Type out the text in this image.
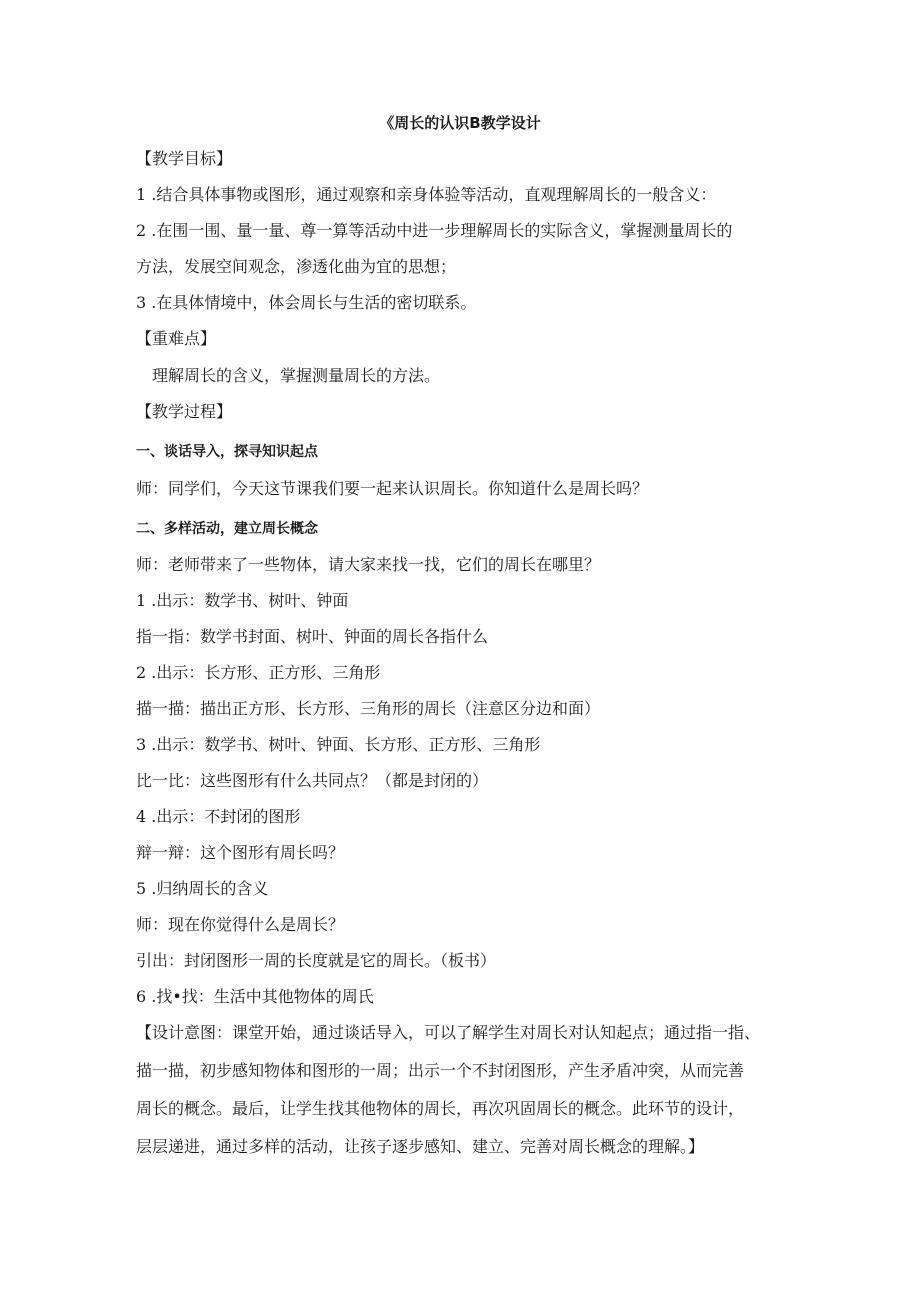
《周长的认识B教学设计
【教学目标】
1 .结合具体事物或图形，通过观察和亲身体验等活动，直观理解周长的一般含义：
2 .在围一围、量一量、尊一算等活动中进一步理解周长的实际含义，掌握测量周长的
方法，发展空间观念，渗透化曲为宜的思想；
3 .在具体情境中，体会周长与生活的密切联系。
【重难点】
理解周长的含义，掌握测量周长的方法。
【教学过程】
一、谈话导入，探寻知识起点
师：同学们，今天这节课我们要一起来认识周长。你知道什么是周长吗？
二、多样活动，建立周长概念
师：老师带来了一些物体，请大家来找一找，它们的周长在哪里？
1 .出示：数学书、树叶、钟面
指一指：数学书封面、树叶、钟面的周长各指什么
2 .出示：长方形、正方形、三角形
描一描：描出正方形、长方形、三角形的周长（注意区分边和面）
3 .出示：数学书、树叶、钟面、长方形、正方形、三角形
比一比：这些图形有什么共同点？（都是封闭的）
4 .出示：不封闭的图形
辩一辩：这个图形有周长吗？
5 .归纳周长的含义
师：现在你觉得什么是周长？
引出：封闭图形一周的长度就是它的周长。（板书）
6 .找•找：生活中其他物体的周氏
【设计意图：课堂开始，通过谈话导入，可以了解学生对周长对认知起点；通过指一指、
描一描，初步感知物体和图形的一周；出示一个不封闭图形，产生矛盾冲突，从而完善
周长的概念。最后，让学生找其他物体的周长，再次巩固周长的概念。此环节的设计，
层层递进，通过多样的活动，让孩子逐步感知、建立、完善对周长概念的理解。】
